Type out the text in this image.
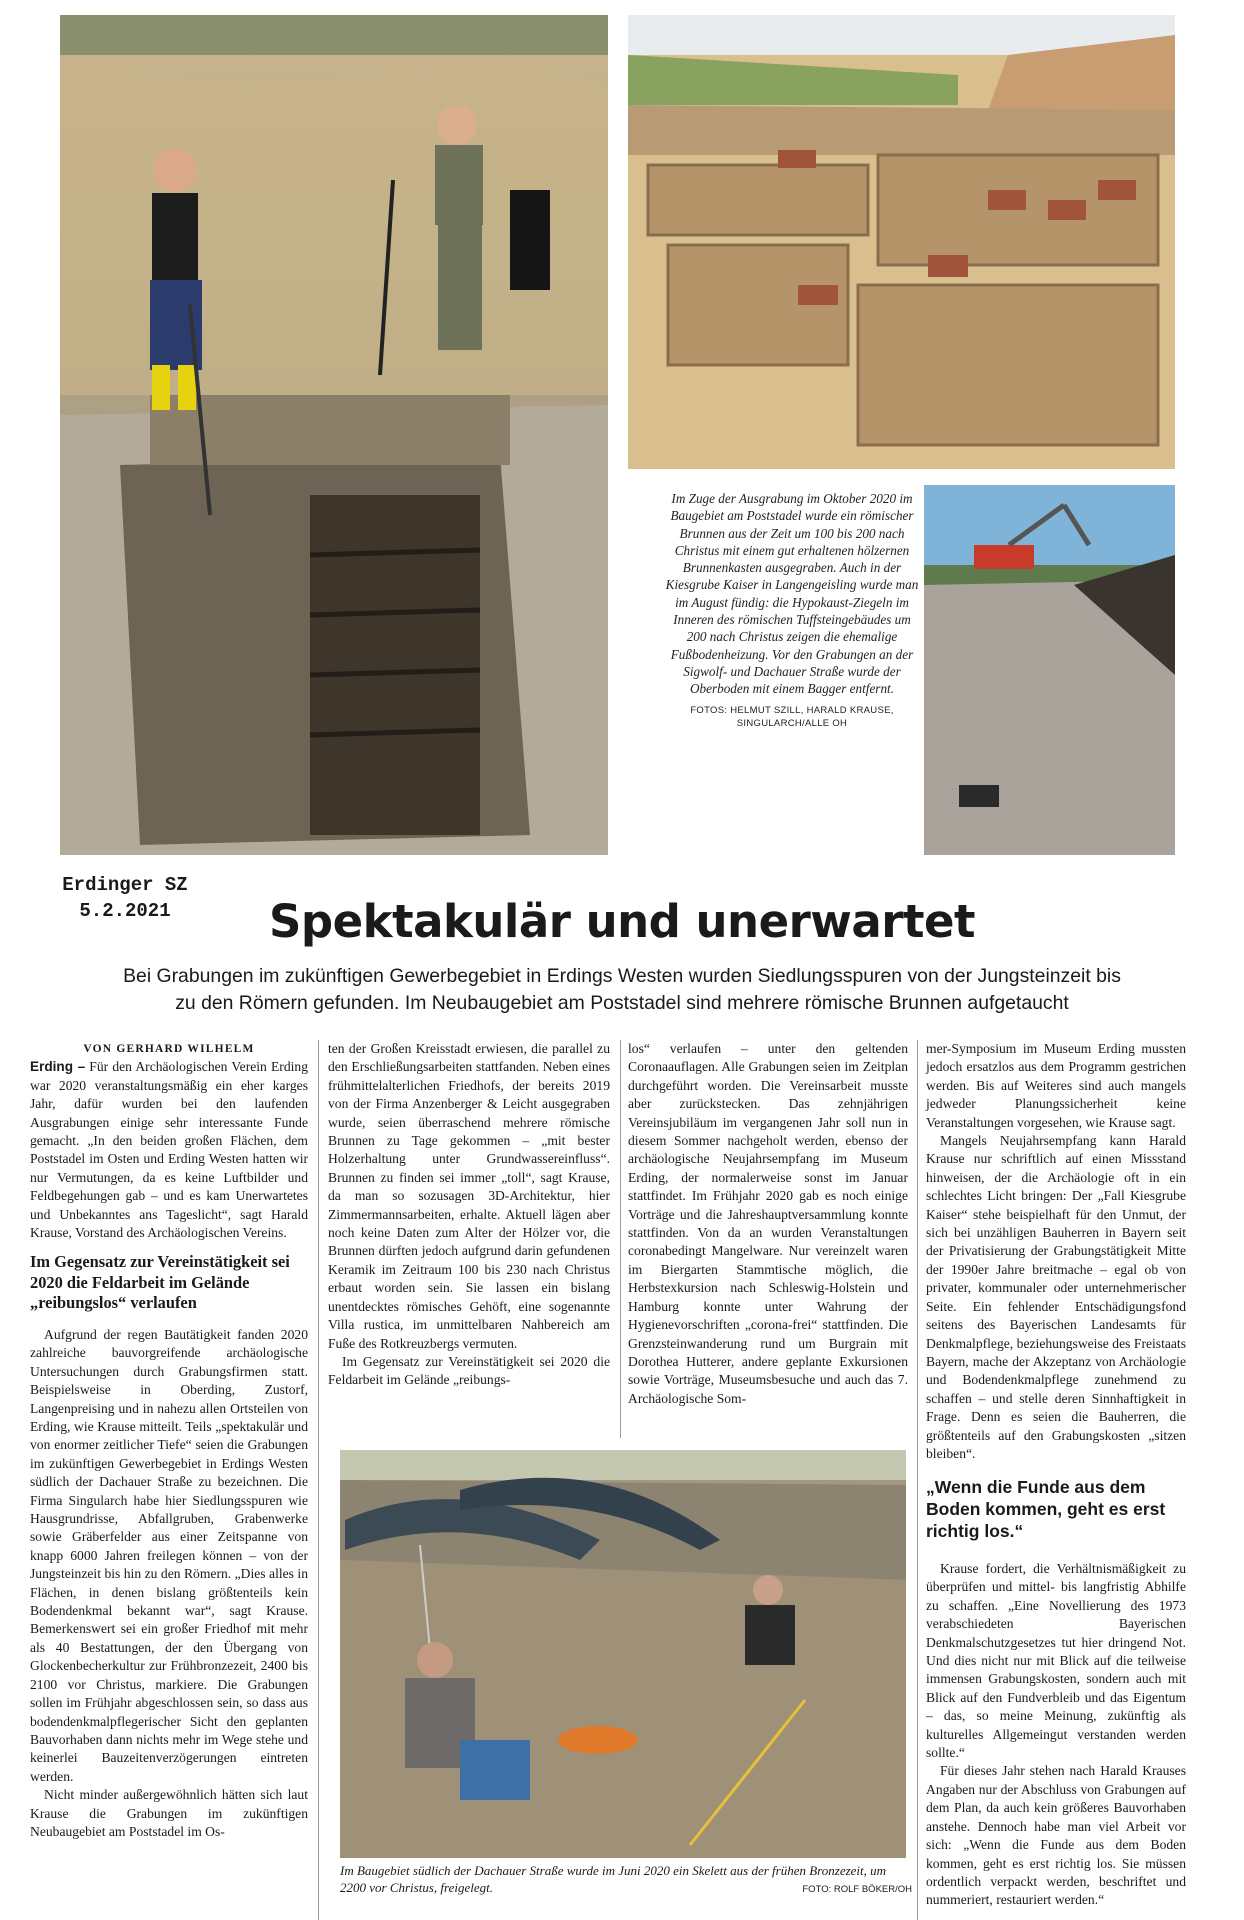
Im Zuge der Ausgrabung im Oktober 2020 im Baugebiet am Poststadel wurde ein römischer Brunnen aus der Zeit um 100 bis 200 nach Christus mit einem gut erhaltenen hölzernen Brunnenkasten ausgegraben. Auch in der Kiesgrube Kaiser in Langengeisling wurde man im August fündig: die Hypokaust-Ziegeln im Inneren des römischen Tuffsteingebäudes um 200 nach Christus zeigen die ehemalige Fußbodenheizung. Vor den Grabungen an der Sigwolf- und Dachauer Straße wurde der Oberboden mit einem Bagger entfernt.
FOTOS: HELMUT SZILL, HARALD KRAUSE, SINGULARCH/ALLE OH
Erdinger SZ
5.2.2021	Spektakulär und unerwartet
Bei Grabungen im zukünftigen Gewerbegebiet in Erdings Westen wurden Siedlungsspuren von der Jungsteinzeit bis zu den Römern gefunden. Im Neubaugebiet am Poststadel sind mehrere römische Brunnen aufgetaucht

VON GERHARD WILHELM

Erding – Für den Archäologischen Verein Erding war 2020 veranstaltungsmäßig ein eher karges Jahr, dafür wurden bei den laufenden Ausgrabungen einige sehr interessante Funde gemacht. „In den beiden großen Flächen, dem Poststadel im Osten und Erding Westen hatten wir nur Vermutungen, da es keine Luftbilder und Feldbegehungen gab – und es kam Unerwartetes und Unbekanntes ans Tageslicht“, sagt Harald Krause, Vorstand des Archäologischen Vereins.

Im Gegensatz zur Vereinstätigkeit sei 2020 die Feldarbeit im Gelände „reibungslos“ verlaufen

Aufgrund der regen Bautätigkeit fanden 2020 zahlreiche bauvorgreifende archäologische Untersuchungen durch Grabungsfirmen statt. Beispielsweise in Oberding, Zustorf, Langenpreising und in nahezu allen Ortsteilen von Erding, wie Krause mitteilt. Teils „spektakulär und von enormer zeitlicher Tiefe“ seien die Grabungen im zukünftigen Gewerbegebiet in Erdings Westen südlich der Dachauer Straße zu bezeichnen. Die Firma Singularch habe hier Siedlungsspuren wie Hausgrundrisse, Abfallgruben, Grabenwerke sowie Gräberfelder aus einer Zeitspanne von knapp 6000 Jahren freilegen können – von der Jungsteinzeit bis hin zu den Römern. „Dies alles in Flächen, in denen bislang größtenteils kein Bodendenkmal bekannt war“, sagt Krause. Bemerkenswert sei ein großer Friedhof mit mehr als 40 Bestattungen, der den Übergang von Glockenbecherkultur zur Frühbronzezeit, 2400 bis 2100 vor Christus, markiere. Die Grabungen sollen im Frühjahr abgeschlossen sein, so dass aus bodendenkmalpflegerischer Sicht den geplanten Bauvorhaben dann nichts mehr im Wege stehe und keinerlei Bauzeitenverzögerungen eintreten werden.

Nicht minder außergewöhnlich hätten sich laut Krause die Grabungen im zukünftigen Neubaugebiet am Poststadel im Os-

ten der Großen Kreisstadt erwiesen, die parallel zu den Erschließungsarbeiten stattfanden. Neben eines frühmittelalterlichen Friedhofs, der bereits 2019 von der Firma Anzenberger & Leicht ausgegraben wurde, seien überraschend mehrere römische Brunnen zu Tage gekommen – „mit bester Holzerhaltung unter Grundwassereinfluss“. Brunnen zu finden sei immer „toll“, sagt Krause, da man so sozusagen 3D-Architektur, hier Zimmermannsarbeiten, erhalte. Aktuell lägen aber noch keine Daten zum Alter der Hölzer vor, die Brunnen dürften jedoch aufgrund darin gefundenen Keramik im Zeitraum 100 bis 230 nach Christus erbaut worden sein. Sie lassen ein bislang unentdecktes römisches Gehöft, eine sogenannte Villa rustica, im unmittelbaren Nahbereich am Fuße des Rotkreuzbergs vermuten.

Im Gegensatz zur Vereinstätigkeit sei 2020 die Feldarbeit im Gelände „reibungs-

los“ verlaufen – unter den geltenden Coronaauflagen. Alle Grabungen seien im Zeitplan durchgeführt worden. Die Vereinsarbeit musste aber zurückstecken. Das zehnjährigen Vereinsjubiläum im vergangenen Jahr soll nun in diesem Sommer nachgeholt werden, ebenso der archäologische Neujahrsempfang im Museum Erding, der normalerweise sonst im Januar stattfindet. Im Frühjahr 2020 gab es noch einige Vorträge und die Jahreshauptversammlung konnte stattfinden. Von da an wurden Veranstaltungen coronabedingt Mangelware. Nur vereinzelt waren im Biergarten Stammtische möglich, die Herbstexkursion nach Schleswig-Holstein und Hamburg konnte unter Wahrung der Hygienevorschriften „corona-frei“ stattfinden. Die Grenzsteinwanderung rund um Burgrain mit Dorothea Hutterer, andere geplante Exkursionen sowie Vorträge, Museumsbesuche und auch das 7. Archäologische Som-

mer-Symposium im Museum Erding mussten jedoch ersatzlos aus dem Programm gestrichen werden. Bis auf Weiteres sind auch mangels jedweder Planungssicherheit keine Veranstaltungen vorgesehen, wie Krause sagt.

Mangels Neujahrsempfang kann Harald Krause nur schriftlich auf einen Missstand hinweisen, der die Archäologie oft in ein schlechtes Licht bringen: Der „Fall Kiesgrube Kaiser“ stehe beispielhaft für den Unmut, der sich bei unzähligen Bauherren in Bayern seit der Privatisierung der Grabungstätigkeit Mitte der 1990er Jahre breitmache – egal ob von privater, kommunaler oder unternehmerischer Seite. Ein fehlender Entschädigungsfond seitens des Bayerischen Landesamts für Denkmalpflege, beziehungsweise des Freistaats Bayern, mache der Akzeptanz von Archäologie und Bodendenkmalpflege zunehmend zu schaffen – und stelle deren Sinnhaftigkeit in Frage. Denn es seien die Bauherren, die größtenteils auf den Grabungskosten „sitzen bleiben“.

„Wenn die Funde aus dem Boden kommen, geht es erst richtig los.“

Krause fordert, die Verhältnismäßigkeit zu überprüfen und mittel- bis langfristig Abhilfe zu schaffen. „Eine Novellierung des 1973 verabschiedeten Bayerischen Denkmalschutzgesetzes tut hier dringend Not. Und dies nicht nur mit Blick auf die teilweise immensen Grabungskosten, sondern auch mit Blick auf den Fundverbleib und das Eigentum – das, so meine Meinung, zukünftig als kulturelles Allgemeingut verstanden werden sollte.“

Für dieses Jahr stehen nach Harald Krauses Angaben nur der Abschluss von Grabungen auf dem Plan, da auch kein größeres Bauvorhaben anstehe. Dennoch habe man viel Arbeit vor sich: „Wenn die Funde aus dem Boden kommen, geht es erst richtig los. Sie müssen ordentlich verpackt werden, beschriftet und nummeriert, restauriert werden.“

Im Baugebiet südlich der Dachauer Straße wurde im Juni 2020 ein Skelett aus der frühen Bronzezeit, um 2200 vor Christus, freigelegt.	FOTO: ROLF BÖKER/OH
